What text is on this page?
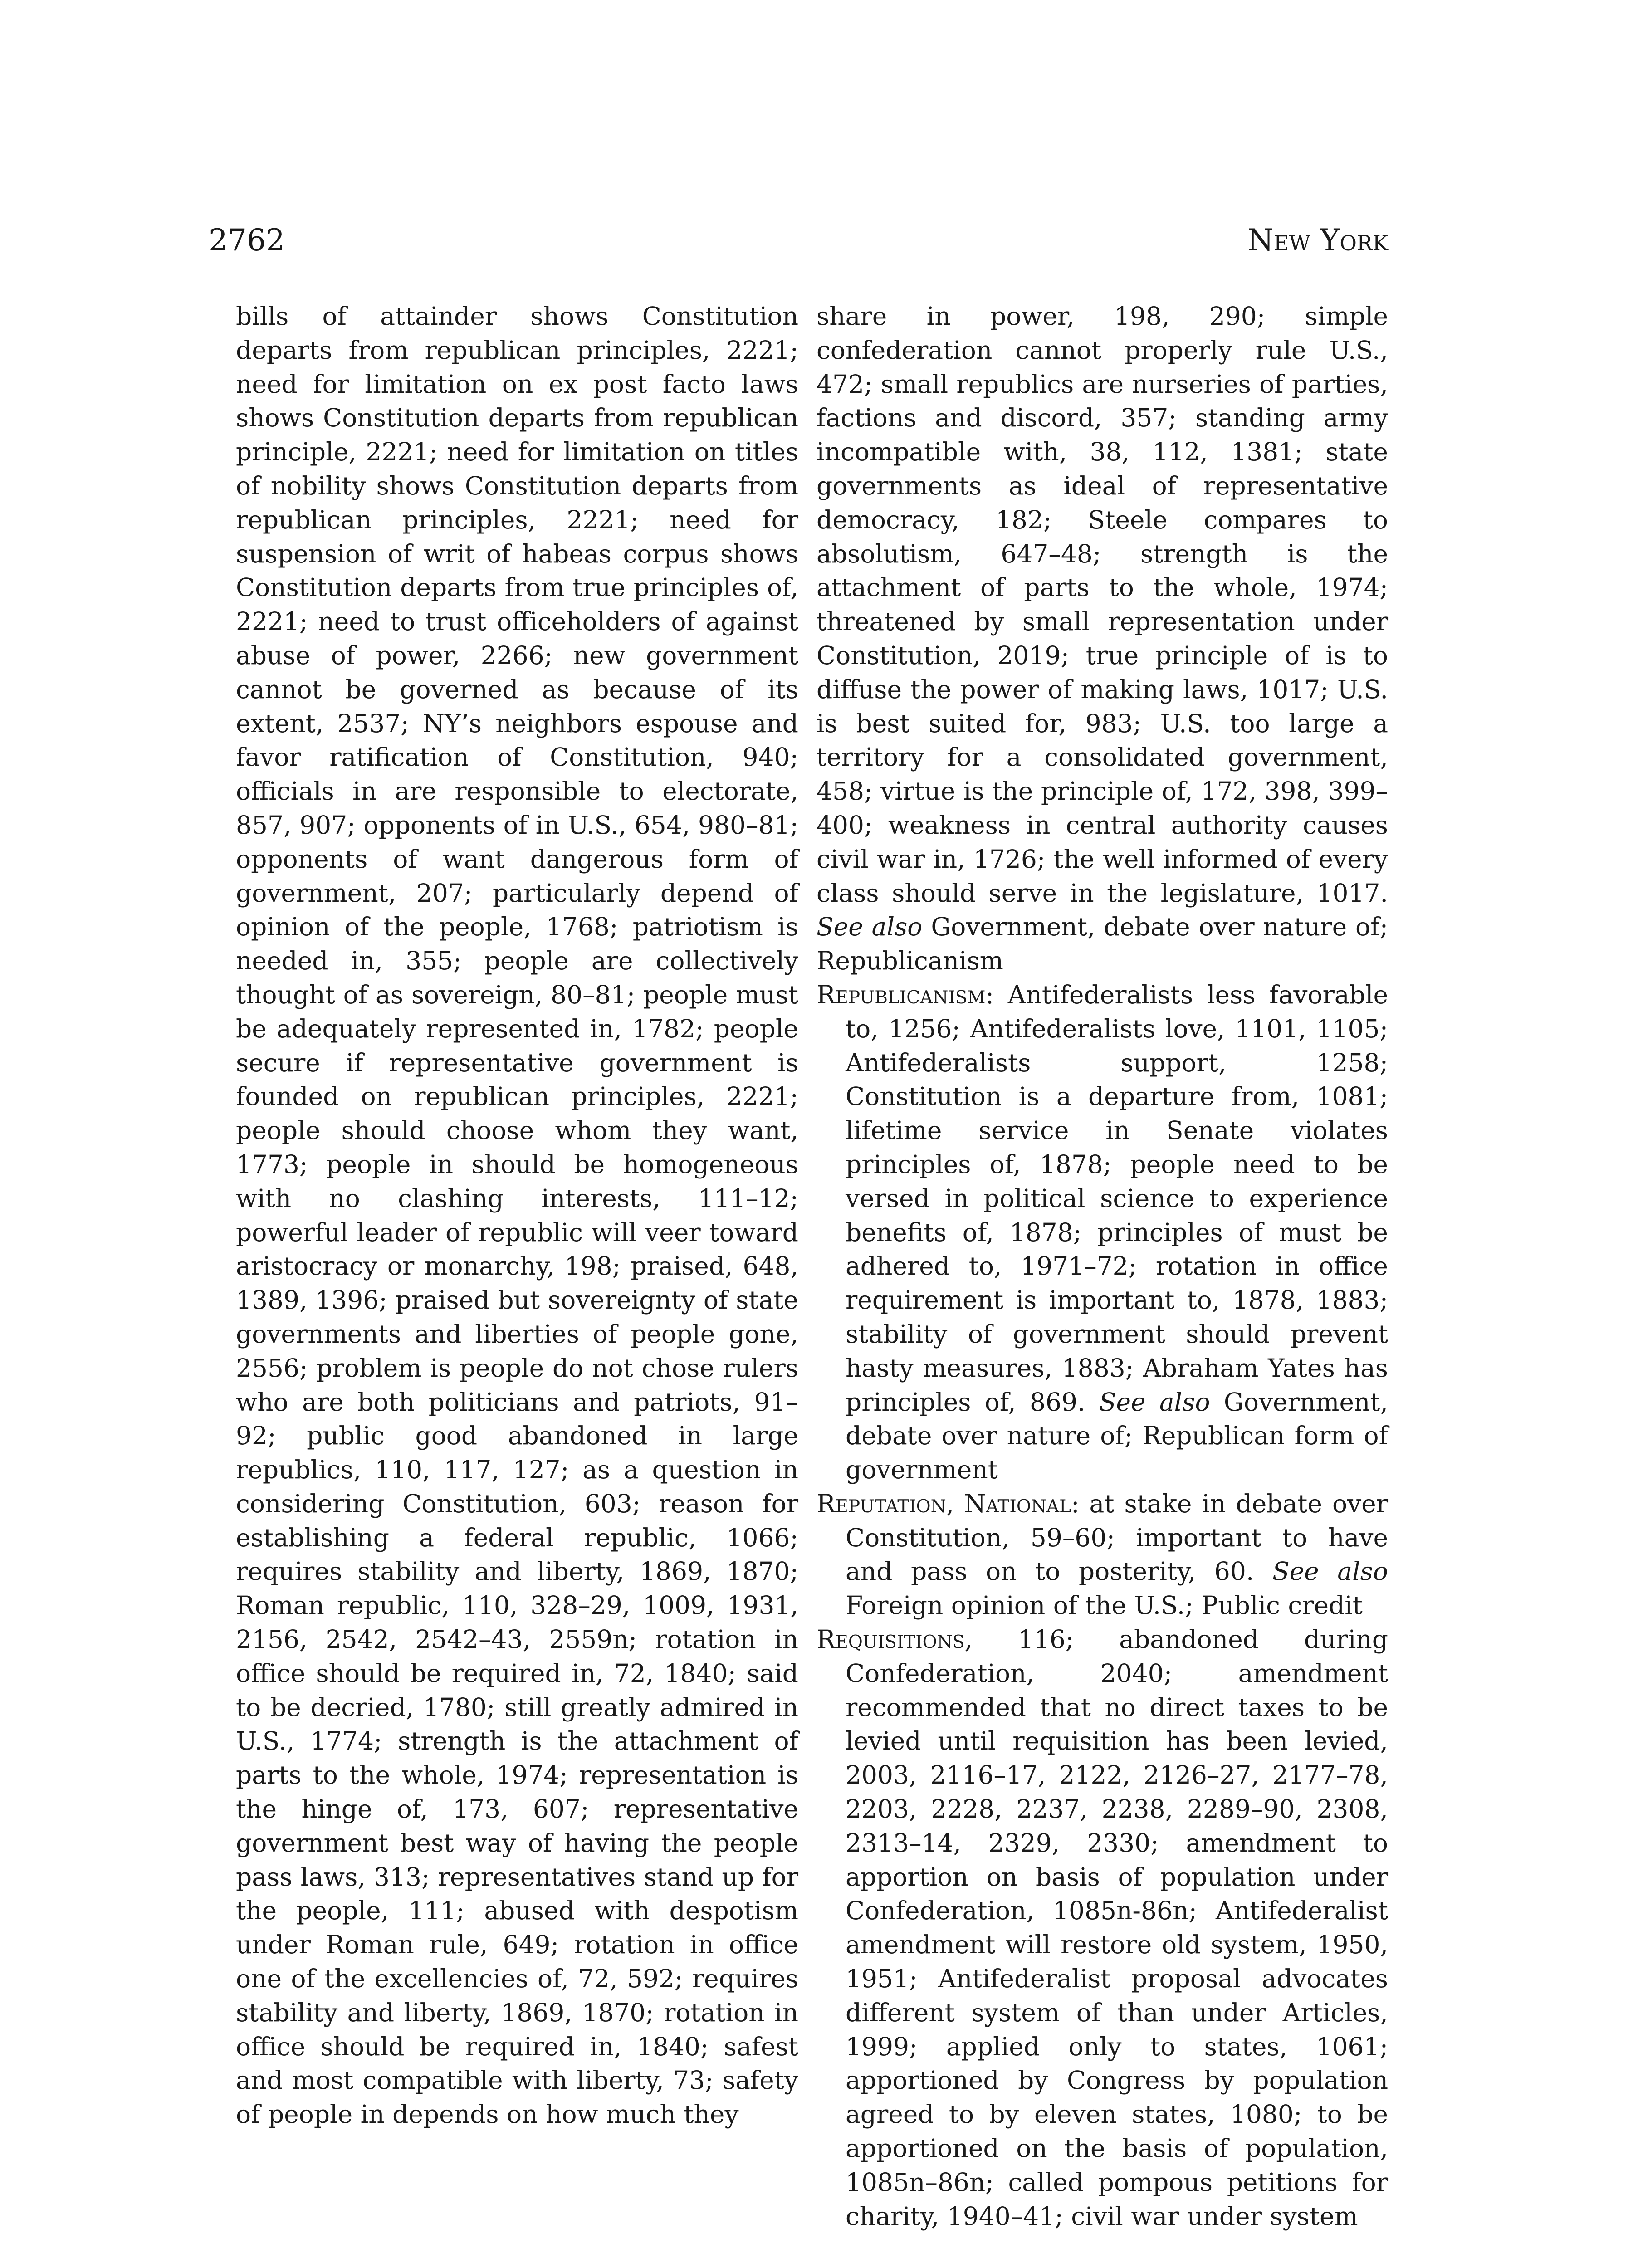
2762	New York

bills of attainder shows Constitution departs from republican principles, 2221; need for limitation on ex post facto laws shows Constitution departs from republican principle, 2221; need for limitation on titles of nobility shows Constitution departs from republican principles, 2221; need for suspension of writ of habeas corpus shows Constitution departs from true principles of, 2221; need to trust officeholders of against abuse of power, 2266; new government cannot be governed as because of its extent, 2537; NY’s neighbors espouse and favor ratification of Constitution, 940; officials in are responsible to electorate, 857, 907; opponents of in U.S., 654, 980–81; opponents of want dangerous form of government, 207; particularly depend of opinion of the people, 1768; patriotism is needed in, 355; people are collectively thought of as sovereign, 80–81; people must be adequately represented in, 1782; people secure if representative government is founded on republican principles, 2221; people should choose whom they want, 1773; people in should be homogeneous with no clashing interests, 111–12; powerful leader of republic will veer toward aristocracy or monarchy, 198; praised, 648, 1389, 1396; praised but sovereignty of state governments and liberties of people gone, 2556; problem is people do not chose rulers who are both politicians and patriots, 91–92; public good abandoned in large republics, 110, 117, 127; as a question in considering Constitution, 603; reason for establishing a federal republic, 1066; requires stability and liberty, 1869, 1870; Roman republic, 110, 328–29, 1009, 1931, 2156, 2542, 2542–43, 2559n; rotation in office should be required in, 72, 1840; said to be decried, 1780; still greatly admired in U.S., 1774; strength is the attachment of parts to the whole, 1974; representation is the hinge of, 173, 607; representative government best way of having the people pass laws, 313; representatives stand up for the people, 111; abused with despotism under Roman rule, 649; rotation in office one of the excellencies of, 72, 592; requires stability and liberty, 1869, 1870; rotation in office should be required in, 1840; safest and most compatible with liberty, 73; safety of people in depends on how much they

share in power, 198, 290; simple confederation cannot properly rule U.S., 472; small republics are nurseries of parties, factions and discord, 357; standing army incompatible with, 38, 112, 1381; state governments as ideal of representative democracy, 182; Steele compares to absolutism, 647–48; strength is the attachment of parts to the whole, 1974; threatened by small representation under Constitution, 2019; true principle of is to diffuse the power of making laws, 1017; U.S. is best suited for, 983; U.S. too large a territory for a consolidated government, 458; virtue is the principle of, 172, 398, 399–400; weakness in central authority causes civil war in, 1726; the well informed of every class should serve in the legislature, 1017. See also Government, debate over nature of; Republicanism

Republicanism: Antifederalists less favorable to, 1256; Antifederalists love, 1101, 1105; Antifederalists support, 1258; Constitution is a departure from, 1081; lifetime service in Senate violates principles of, 1878; people need to be versed in political science to experience benefits of, 1878; principles of must be adhered to, 1971–72; rotation in office requirement is important to, 1878, 1883; stability of government should prevent hasty measures, 1883; Abraham Yates has principles of, 869. See also Government, debate over nature of; Republican form of government

Reputation, National: at stake in debate over Constitution, 59–60; important to have and pass on to posterity, 60. See also Foreign opinion of the U.S.; Public credit

Requisitions, 116; abandoned during Confederation, 2040; amendment recommended that no direct taxes to be levied until requisition has been levied, 2003, 2116–17, 2122, 2126–27, 2177–78, 2203, 2228, 2237, 2238, 2289–90, 2308, 2313–14, 2329, 2330; amendment to apportion on basis of population under Confederation, 1085n-86n; Antifederalist amendment will restore old system, 1950, 1951; Antifederalist proposal advocates different system of than under Articles, 1999; applied only to states, 1061; apportioned by Congress by population agreed to by eleven states, 1080; to be apportioned on the basis of population, 1085n–86n; called pompous petitions for charity, 1940–41; civil war under system
